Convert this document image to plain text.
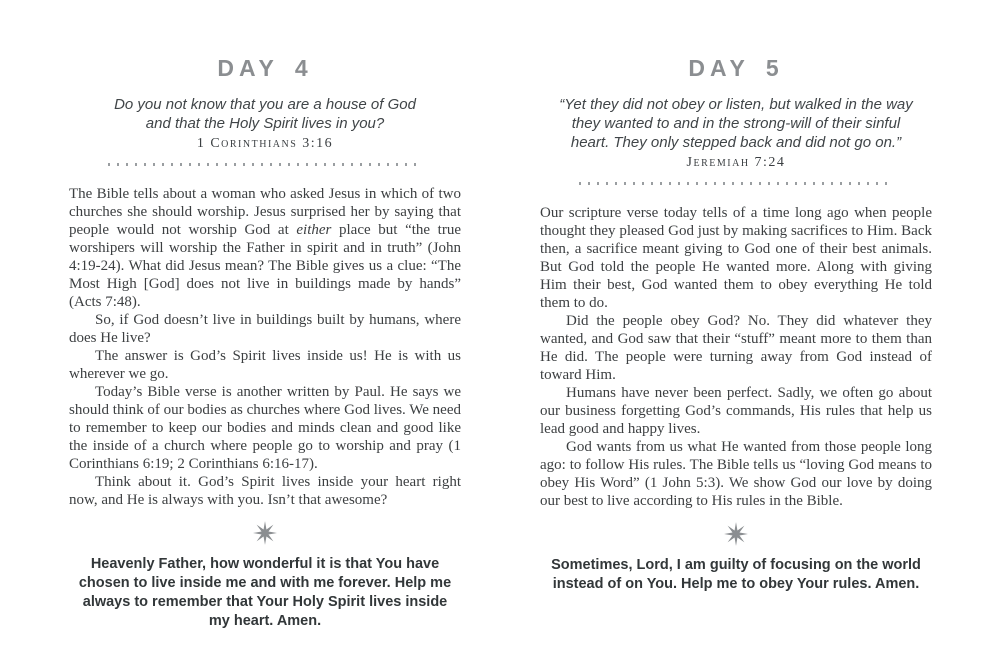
DAY 4
Do you not know that you are a house of God
and that the Holy Spirit lives in you?
1 Corinthians 3:16

The Bible tells about a woman who asked Jesus in which of two churches she should worship. Jesus surprised her by saying that people would not worship God at either place but “the true worshipers will worship the Father in spirit and in truth” (John 4:19-24). What did Jesus mean? The Bible gives us a clue: “The Most High [God] does not live in buildings made by hands” (Acts 7:48).

So, if God doesn’t live in buildings built by humans, where does He live?

The answer is God’s Spirit lives inside us! He is with us wherever we go.

Today’s Bible verse is another written by Paul. He says we should think of our bodies as churches where God lives. We need to remember to keep our bodies and minds clean and good like the inside of a church where people go to worship and pray (1 Corinthians 6:19; 2 Corinthians 6:16-17).

Think about it. God’s Spirit lives inside your heart right now, and He is always with you. Isn’t that awesome?

Heavenly Father, how wonderful it is that You have chosen to live inside me and with me forever. Help me always to remember that Your Holy Spirit lives inside my heart. Amen.
DAY 5
“Yet they did not obey or listen, but walked in the way
they wanted to and in the strong-will of their sinful
heart. They only stepped back and did not go on.”
Jeremiah 7:24

Our scripture verse today tells of a time long ago when people thought they pleased God just by making sacrifices to Him. Back then, a sacrifice meant giving to God one of their best animals. But God told the people He wanted more. Along with giving Him their best, God wanted them to obey everything He told them to do.

Did the people obey God? No. They did whatever they wanted, and God saw that their “stuff” meant more to them than He did. The people were turning away from God instead of toward Him.

Humans have never been perfect. Sadly, we often go about our business forgetting God’s commands, His rules that help us lead good and happy lives.

God wants from us what He wanted from those people long ago: to follow His rules. The Bible tells us “loving God means to obey His Word” (1 John 5:3). We show God our love by doing our best to live according to His rules in the Bible.

Sometimes, Lord, I am guilty of focusing on the world instead of on You. Help me to obey Your rules. Amen.
